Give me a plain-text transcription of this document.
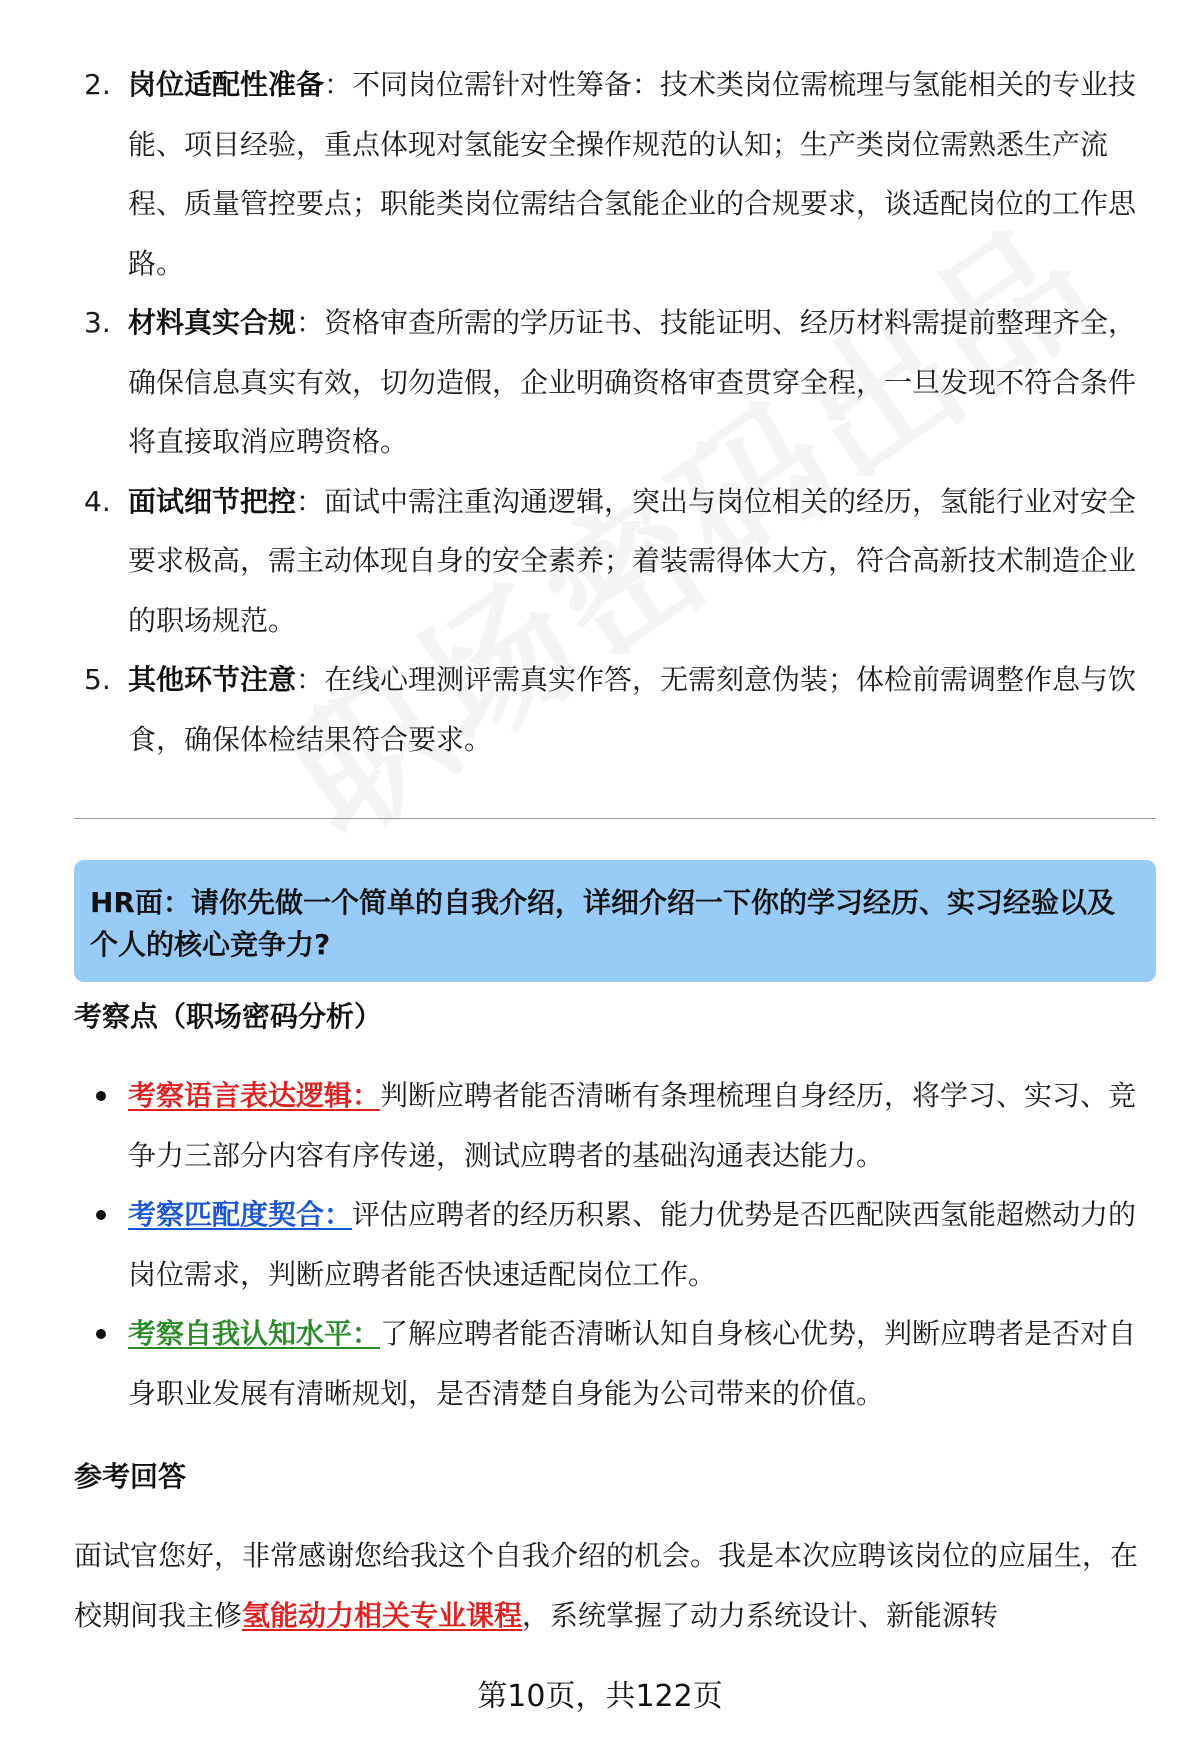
2. 岗位适配性准备：不同岗位需针对性筹备：技术类岗位需梳理与氢能相关的专业技能、项目经验，重点体现对氢能安全操作规范的认知；生产类岗位需熟悉生产流程、质量管控要点；职能类岗位需结合氢能企业的合规要求，谈适配岗位的工作思路。
3. 材料真实合规：资格审查所需的学历证书、技能证明、经历材料需提前整理齐全，确保信息真实有效，切勿造假，企业明确资格审查贯穿全程，一旦发现不符合条件将直接取消应聘资格。
4. 面试细节把控：面试中需注重沟通逻辑，突出与岗位相关的经历，氢能行业对安全要求极高，需主动体现自身的安全素养；着装需得体大方，符合高新技术制造企业的职场规范。
5. 其他环节注意：在线心理测评需真实作答，无需刻意伪装；体检前需调整作息与饮食，确保体检结果符合要求。
HR面：请你先做一个简单的自我介绍，详细介绍一下你的学习经历、实习经验以及个人的核心竞争力?
考察点（职场密码分析）
考察语言表达逻辑：判断应聘者能否清晰有条理梳理自身经历，将学习、实习、竞争力三部分内容有序传递，测试应聘者的基础沟通表达能力。
考察匹配度契合：评估应聘者的经历积累、能力优势是否匹配陕西氢能超燃动力的岗位需求，判断应聘者能否快速适配岗位工作。
考察自我认知水平：了解应聘者能否清晰认知自身核心优势，判断应聘者是否对自身职业发展有清晰规划，是否清楚自身能为公司带来的价值。
参考回答

面试官您好，非常感谢您给我这个自我介绍的机会。我是本次应聘该岗位的应届生，在校期间我主修氢能动力相关专业课程，系统掌握了动力系统设计、新能源转

第10页，共122页
